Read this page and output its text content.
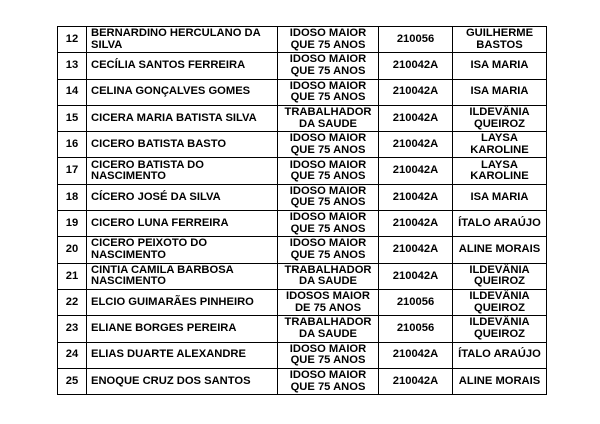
12	BERNARDINO HERCULANO DA SILVA	IDOSO MAIOR QUE 75 ANOS	210056	GUILHERME BASTOS
13	CECÍLIA SANTOS FERREIRA	IDOSO MAIOR QUE 75 ANOS	210042A	ISA MARIA
14	CELINA GONÇALVES GOMES	IDOSO MAIOR QUE 75 ANOS	210042A	ISA MARIA
15	CICERA MARIA BATISTA SILVA	TRABALHADOR DA SAUDE	210042A	ILDEVÂNIA QUEIROZ
16	CICERO BATISTA BASTO	IDOSO MAIOR QUE 75 ANOS	210042A	LAYSA KAROLINE
17	CICERO BATISTA DO NASCIMENTO	IDOSO MAIOR QUE 75 ANOS	210042A	LAYSA KAROLINE
18	CÍCERO JOSÉ DA SILVA	IDOSO MAIOR QUE 75 ANOS	210042A	ISA MARIA
19	CICERO LUNA FERREIRA	IDOSO MAIOR QUE 75 ANOS	210042A	ÍTALO ARAÚJO
20	CICERO PEIXOTO DO NASCIMENTO	IDOSO MAIOR QUE 75 ANOS	210042A	ALINE MORAIS
21	CINTIA CAMILA BARBOSA NASCIMENTO	TRABALHADOR DA SAUDE	210042A	ILDEVÂNIA QUEIROZ
22	ELCIO GUIMARÃES PINHEIRO	IDOSOS MAIOR DE 75 ANOS	210056	ILDEVÂNIA QUEIROZ
23	ELIANE BORGES PEREIRA	TRABALHADOR DA SAUDE	210056	ILDEVÂNIA QUEIROZ
24	ELIAS DUARTE ALEXANDRE	IDOSO MAIOR QUE 75 ANOS	210042A	ÍTALO ARAÚJO
25	ENOQUE CRUZ DOS SANTOS	IDOSO MAIOR QUE 75 ANOS	210042A	ALINE MORAIS
